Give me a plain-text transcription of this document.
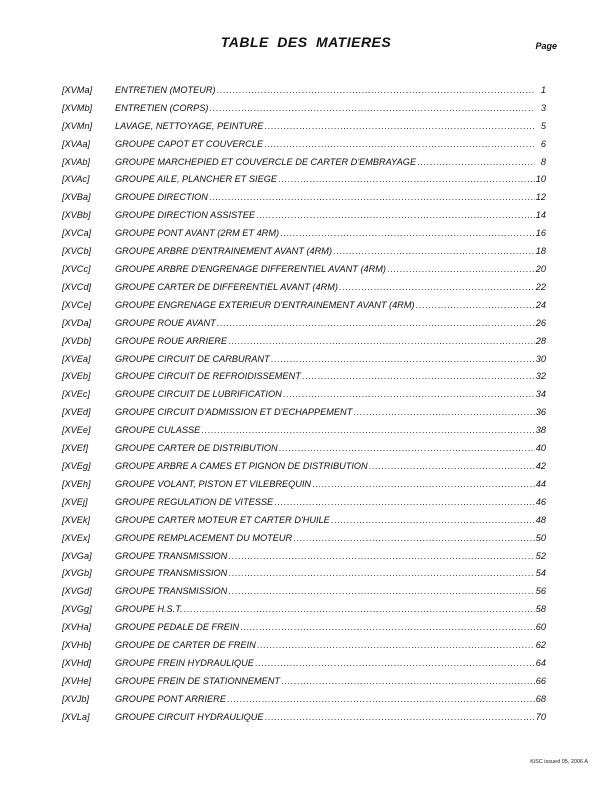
TABLE DES MATIERES	Page
[XVMa]	ENTRETIEN (MOTEUR) .....	1
[XVMb]	ENTRETIEN (CORPS) .....	3
[XVMn]	LAVAGE, NETTOYAGE, PEINTURE .....	5
[XVAa]	GROUPE CAPOT ET COUVERCLE .....	6
[XVAb]	GROUPE MARCHEPIED ET COUVERCLE DE CARTER D'EMBRAYAGE .....	8
[XVAc]	GROUPE AILE, PLANCHER ET SIEGE .....	10
[XVBa]	GROUPE DIRECTION .....	12
[XVBb]	GROUPE DIRECTION ASSISTEE .....	14
[XVCa]	GROUPE PONT AVANT (2RM ET 4RM) .....	16
[XVCb]	GROUPE ARBRE D'ENTRAINEMENT AVANT (4RM) .....	18
[XVCc]	GROUPE ARBRE D'ENGRENAGE DIFFERENTIEL AVANT (4RM) .....	20
[XVCd]	GROUPE CARTER DE DIFFERENTIEL AVANT (4RM) .....	22
[XVCe]	GROUPE ENGRENAGE EXTERIEUR D'ENTRAINEMENT AVANT (4RM) .....	24
[XVDa]	GROUPE ROUE AVANT .....	26
[XVDb]	GROUPE ROUE ARRIERE .....	28
[XVEa]	GROUPE CIRCUIT DE CARBURANT .....	30
[XVEb]	GROUPE CIRCUIT DE REFROIDISSEMENT .....	32
[XVEc]	GROUPE CIRCUIT DE LUBRIFICATION .....	34
[XVEd]	GROUPE CIRCUIT D'ADMISSION ET D'ECHAPPEMENT .....	36
[XVEe]	GROUPE CULASSE .....	38
[XVEf]	GROUPE CARTER DE DISTRIBUTION .....	40
[XVEg]	GROUPE ARBRE A CAMES ET PIGNON DE DISTRIBUTION .....	42
[XVEh]	GROUPE VOLANT, PISTON ET VILEBREQUIN .....	44
[XVEj]	GROUPE REGULATION DE VITESSE .....	46
[XVEk]	GROUPE CARTER MOTEUR ET CARTER D'HUILE .....	48
[XVEx]	GROUPE REMPLACEMENT DU MOTEUR .....	50
[XVGa]	GROUPE TRANSMISSION .....	52
[XVGb]	GROUPE TRANSMISSION .....	54
[XVGd]	GROUPE TRANSMISSION .....	56
[XVGg]	GROUPE H.S.T. .....	58
[XVHa]	GROUPE PEDALE DE FREIN .....	60
[XVHb]	GROUPE DE CARTER DE FREIN .....	62
[XVHd]	GROUPE FREIN HYDRAULIQUE .....	64
[XVHe]	GROUPE FREIN DE STATIONNEMENT .....	66
[XVJb]	GROUPE PONT ARRIERE .....	68
[XVLa]	GROUPE CIRCUIT HYDRAULIQUE .....	70
KiSC issued 05, 2006 A
